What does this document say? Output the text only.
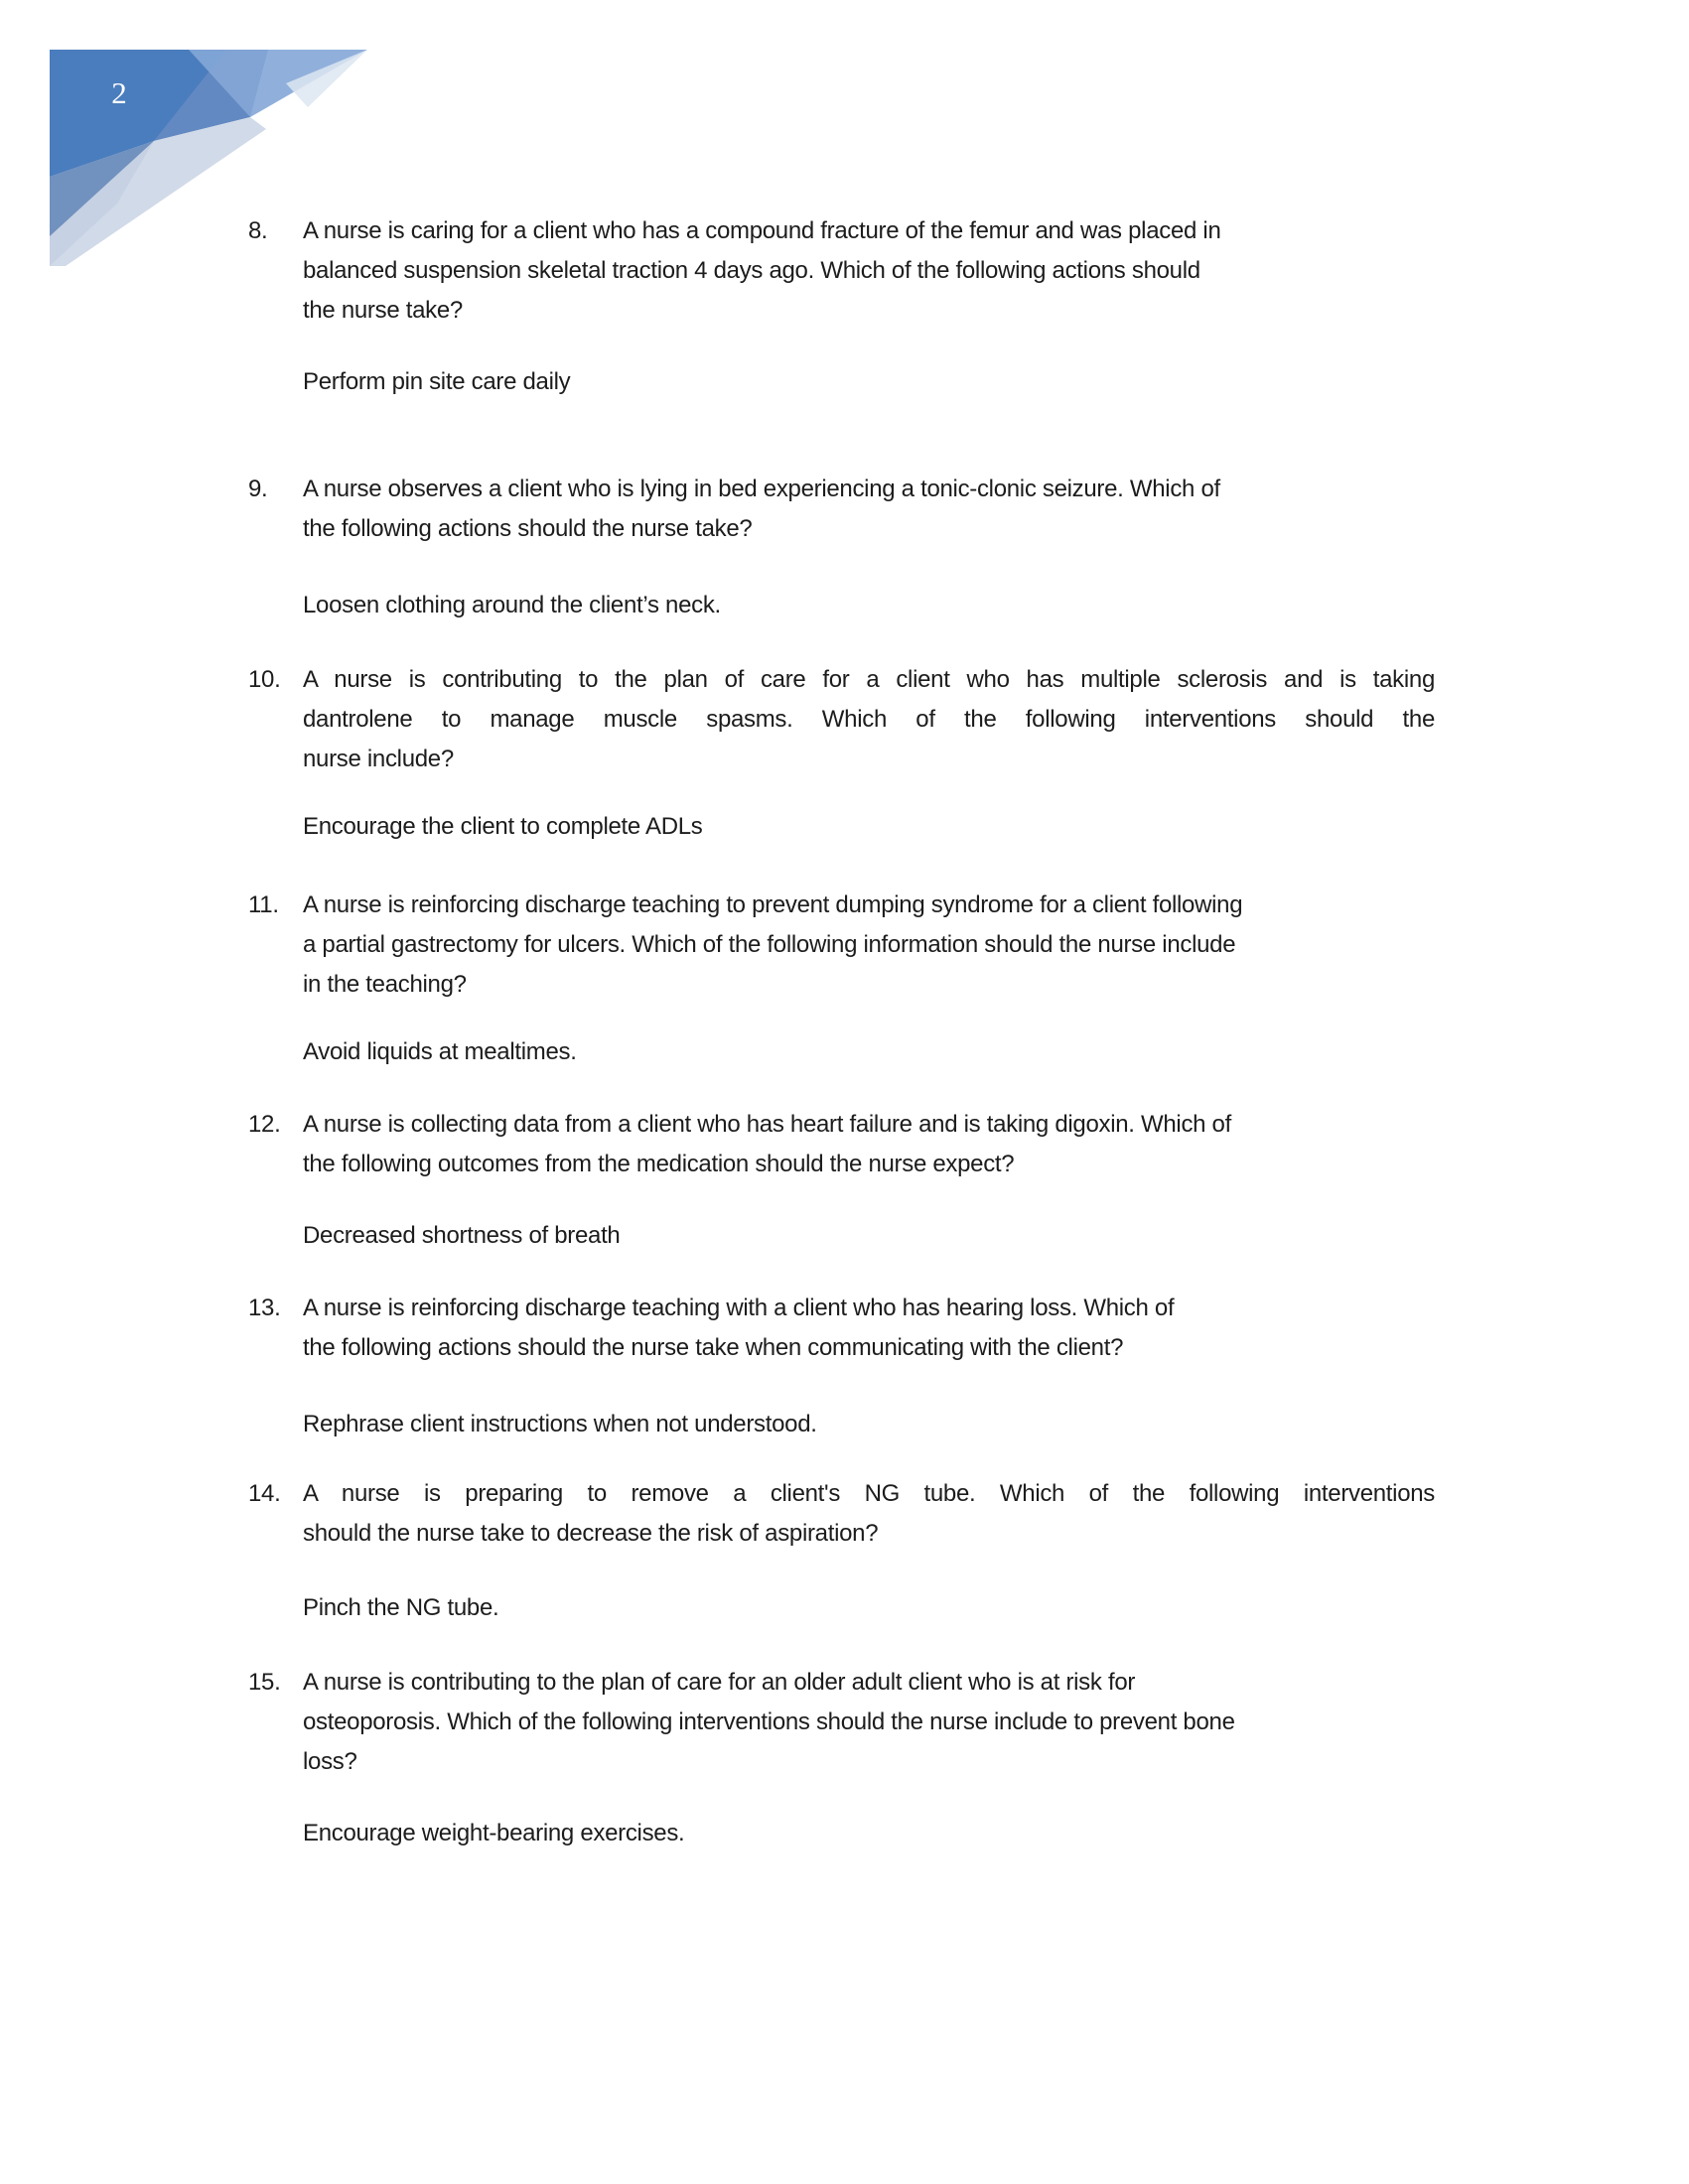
2
8. A nurse is caring for a client who has a compound fracture of the femur and was placed in
balanced suspension skeletal traction 4 days ago. Which of the following actions should
the nurse take?
Perform pin site care daily
9. A nurse observes a client who is lying in bed experiencing a tonic-clonic seizure. Which of
the following actions should the nurse take?
Loosen clothing around the client’s neck.
10. A nurse is contributing to the plan of care for a client who has multiple sclerosis and is taking
dantrolene to manage muscle spasms. Which of the following interventions should the
nurse include?
Encourage the client to complete ADLs
11. A nurse is reinforcing discharge teaching to prevent dumping syndrome for a client following
a partial gastrectomy for ulcers. Which of the following information should the nurse include
in the teaching?
Avoid liquids at mealtimes.
12. A nurse is collecting data from a client who has heart failure and is taking digoxin. Which of
the following outcomes from the medication should the nurse expect?
Decreased shortness of breath
13. A nurse is reinforcing discharge teaching with a client who has hearing loss. Which of
the following actions should the nurse take when communicating with the client?
Rephrase client instructions when not understood.
14. A nurse is preparing to remove a client's NG tube. Which of the following interventions
should the nurse take to decrease the risk of aspiration?
Pinch the NG tube.
15. A nurse is contributing to the plan of care for an older adult client who is at risk for
osteoporosis. Which of the following interventions should the nurse include to prevent bone
loss?
Encourage weight-bearing exercises.
